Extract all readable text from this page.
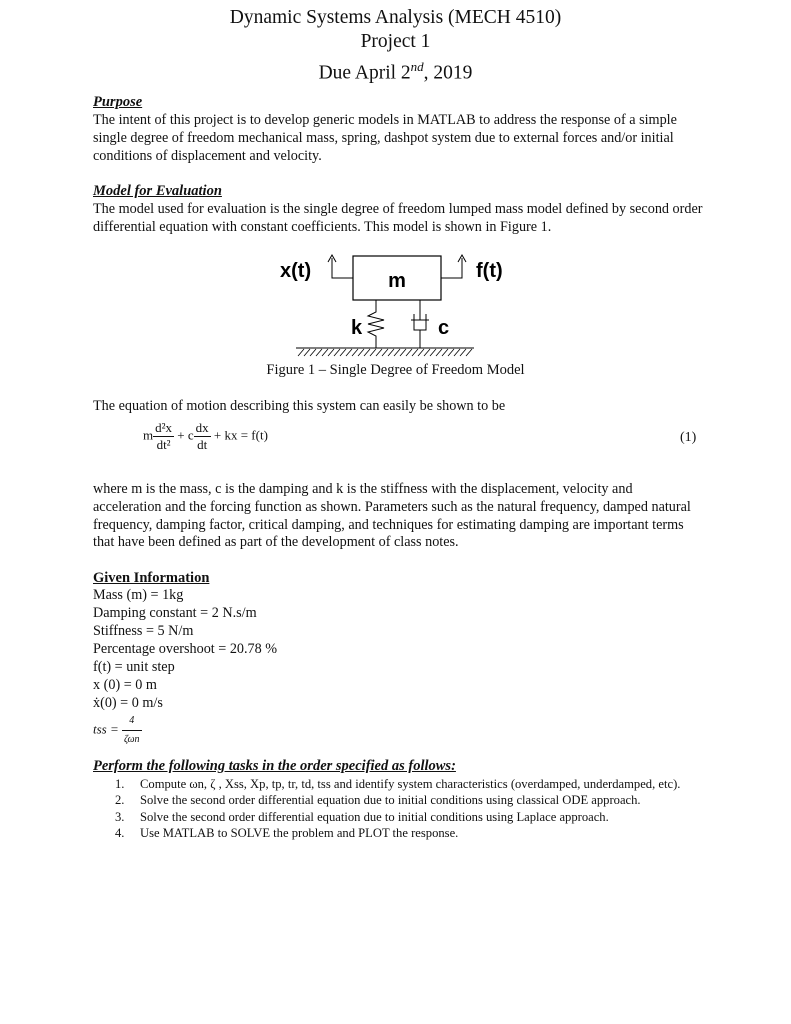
Dynamic Systems Analysis (MECH 4510)
Project 1
Due April 2nd, 2019
Purpose
The intent of this project is to develop generic models in MATLAB to address the response of a simple single degree of freedom mechanical mass, spring, dashpot system due to external forces and/or initial conditions of displacement and velocity.
Model for Evaluation
The model used for evaluation is the single degree of freedom lumped mass model defined by second order differential equation with constant coefficients. This model is shown in Figure 1.
m
x(t)	f(t)
k	c
Figure 1 – Single Degree of Freedom Model
The equation of motion describing this system can easily be shown to be
m $\frac{\text{d²x}}{\text{dt²}} + c \frac{dx}{dt}$ + kx = f(t)	(1)
where m is the mass, c is the damping and k is the stiffness with the displacement, velocity and acceleration and the forcing function as shown. Parameters such as the natural frequency, damped natural frequency, damping factor, critical damping, and techniques for estimating damping are important terms that have been defined as part of the development of class notes.
Given Information
Mass (m) = 1kg
Damping constant = 2 N.s/m
Stiffness = 5 N/m
Percentage overshoot = 20.78 %
f(t) = unit step
x (0) = 0 m
ẋ(0) = 0 m/s
tss = $\frac{4}{\text{ζωn}}$
Perform the following tasks in the order specified as follows:
1. Compute ωn, ζ , Xss, Xp, tp, tr, td, tss and identify system characteristics (overdamped, underdamped, etc).
2. Solve the second order differential equation due to initial conditions using classical ODE approach.
3. Solve the second order differential equation due to initial conditions using Laplace approach.
4. Use MATLAB to SOLVE the problem and PLOT the response.
